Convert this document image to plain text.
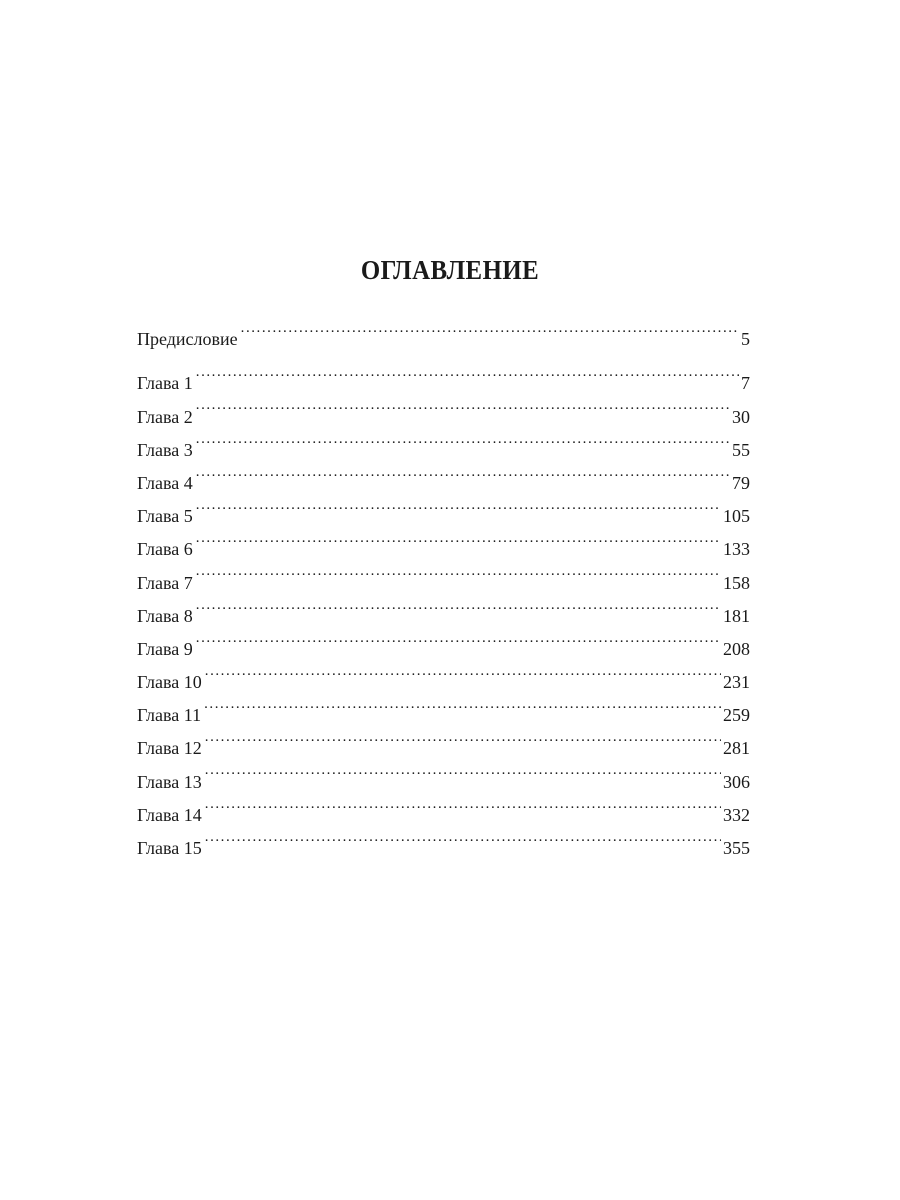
ОГЛАВЛЕНИЕ
Предисловие . . .	5
Глава 1 . . .	7
Глава 2 . . .	30
Глава 3 . . .	55
Глава 4 . . .	79
Глава 5 . . .	105
Глава 6 . . .	133
Глава 7 . . .	158
Глава 8 . . .	181
Глава 9 . . .	208
Глава 10 . . .	231
Глава 11 . . .	259
Глава 12 . . .	281
Глава 13 . . .	306
Глава 14 . . .	332
Глава 15 . . .	355
